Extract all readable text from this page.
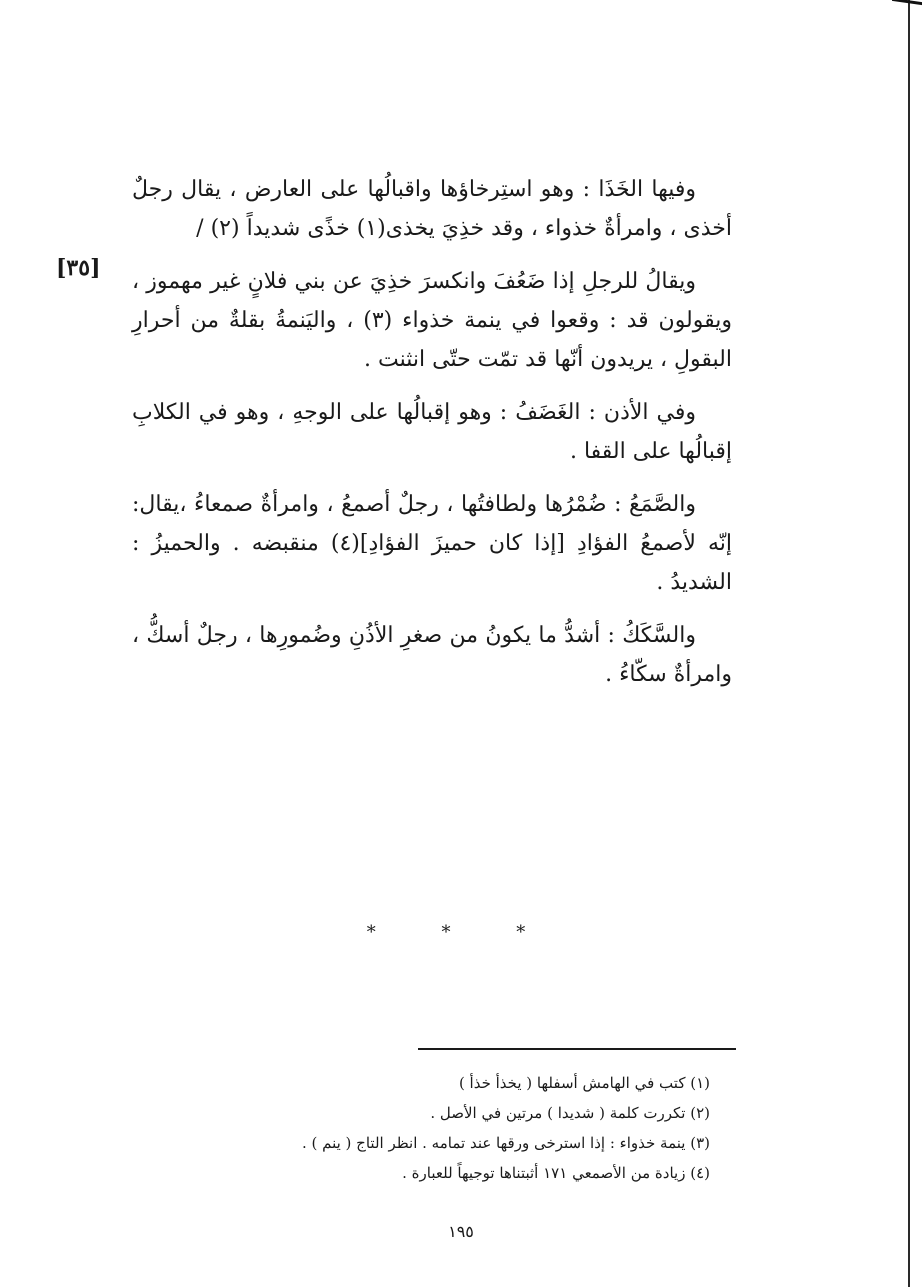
[٣٥]

وفيها الخَذَا : وهو استِرخاؤها واقبالُها على العارض ، يقال رجلٌ أخذى ، وامرأةٌ خذواء ، وقد خذِيَ يخذى(١) خذًى شديداً (٢) /

ويقالُ للرجلِ إذا ضَعُفَ وانكسرَ خذِيَ عن بني فلانٍ غير مهموز ، ويقولون قد : وقعوا في ينمة خذواء (٣) ، واليَنمةُ بقلةٌ من أحرارِ البقولِ ، يريدون أنّها قد تمّت حتّى انثنت .

وفي الأذن : الغَضَفُ : وهو إقبالُها على الوجهِ ، وهو في الكلابِ إقبالُها على القفا .

والصَّمَعُ : ضُمْرُها ولطافتُها ، رجلٌ أصمعُ ، وامرأةٌ صمعاءُ ،يقال: إنّه لأصمعُ الفؤادِ [إذا كان حميزَ الفؤادِ](٤) منقبضه . والحميزُ : الشديدُ .

والسَّكَكُ : أشدُّ ما يكونُ من صغرِ الأذُنِ وضُمورِها ، رجلٌ أسكُّ ، وامرأةٌ سكّاءُ .

* * *
(١) كتب في الهامش أسفلها ( يخذأ خذأ )
(٢) تكررت كلمة ( شديدا ) مرتين في الأصل .
(٣) ينمة خذواء : إذا استرخى ورقها عند تمامه . انظر التاج ( ينم ) .
(٤) زيادة من الأصمعي ١٧١ أثبتناها توجيهاً للعبارة .
١٩٥
